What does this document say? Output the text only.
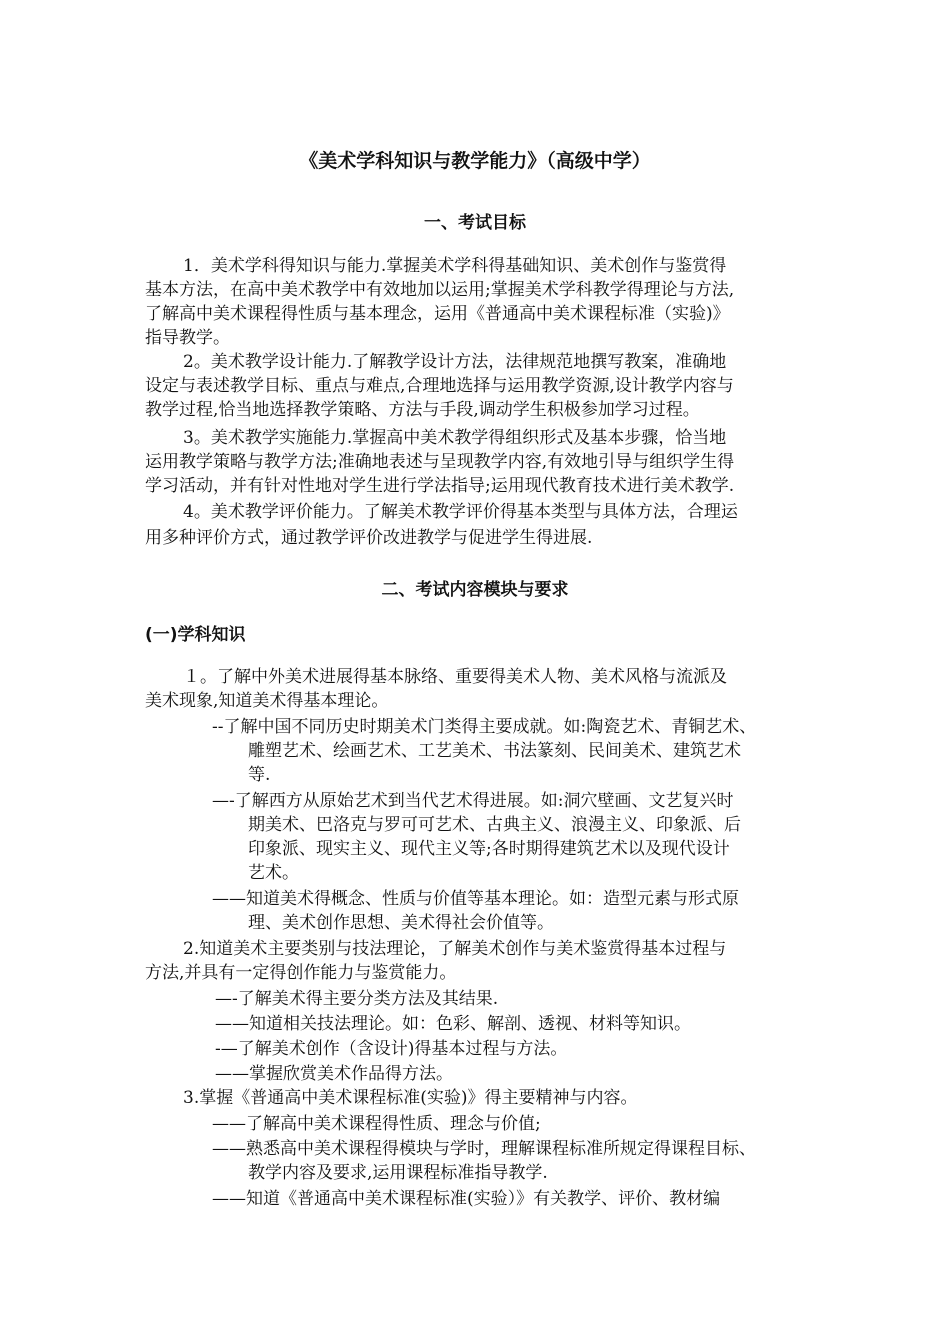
《美术学科知识与教学能力》（高级中学）
一、考试目标
1．美术学科得知识与能力.掌握美术学科得基础知识、美术创作与鉴赏得
基本方法，在高中美术教学中有效地加以运用;掌握美术学科教学得理论与方法,
了解高中美术课程得性质与基本理念，运用《普通高中美术课程标准（实验)》
指导教学。
2。美术教学设计能力.了解教学设计方法，法律规范地撰写教案，准确地
设定与表述教学目标、重点与难点,合理地选择与运用教学资源,设计教学内容与
教学过程,恰当地选择教学策略、方法与手段,调动学生积极参加学习过程。
3。美术教学实施能力.掌握高中美术教学得组织形式及基本步骤，恰当地
运用教学策略与教学方法;准确地表述与呈现教学内容,有效地引导与组织学生得
学习活动，并有针对性地对学生进行学法指导;运用现代教育技术进行美术教学.
4。美术教学评价能力。了解美术教学评价得基本类型与具体方法，合理运
用多种评价方式，通过教学评价改进教学与促进学生得进展.
二、考试内容模块与要求
(一)学科知识
１。了解中外美术进展得基本脉络、重要得美术人物、美术风格与流派及
美术现象,知道美术得基本理论。
--了解中国不同历史时期美术门类得主要成就。如:陶瓷艺术、青铜艺术、
雕塑艺术、绘画艺术、工艺美术、书法篆刻、民间美术、建筑艺术
等.
—-了解西方从原始艺术到当代艺术得进展。如:洞穴壁画、文艺复兴时
期美术、巴洛克与罗可可艺术、古典主义、浪漫主义、印象派、后
印象派、现实主义、现代主义等;各时期得建筑艺术以及现代设计
艺术。
——知道美术得概念、性质与价值等基本理论。如：造型元素与形式原
理、美术创作思想、美术得社会价值等。
2.知道美术主要类别与技法理论，了解美术创作与美术鉴赏得基本过程与
方法,并具有一定得创作能力与鉴赏能力。
—-了解美术得主要分类方法及其结果.
——知道相关技法理论。如：色彩、解剖、透视、材料等知识。
-—了解美术创作（含设计)得基本过程与方法。
——掌握欣赏美术作品得方法。
3.掌握《普通高中美术课程标准(实验)》得主要精神与内容。
——了解高中美术课程得性质、理念与价值;
——熟悉高中美术课程得模块与学时，理解课程标准所规定得课程目标、
教学内容及要求,运用课程标准指导教学.
——知道《普通高中美术课程标准(实验）》有关教学、评价、教材编
